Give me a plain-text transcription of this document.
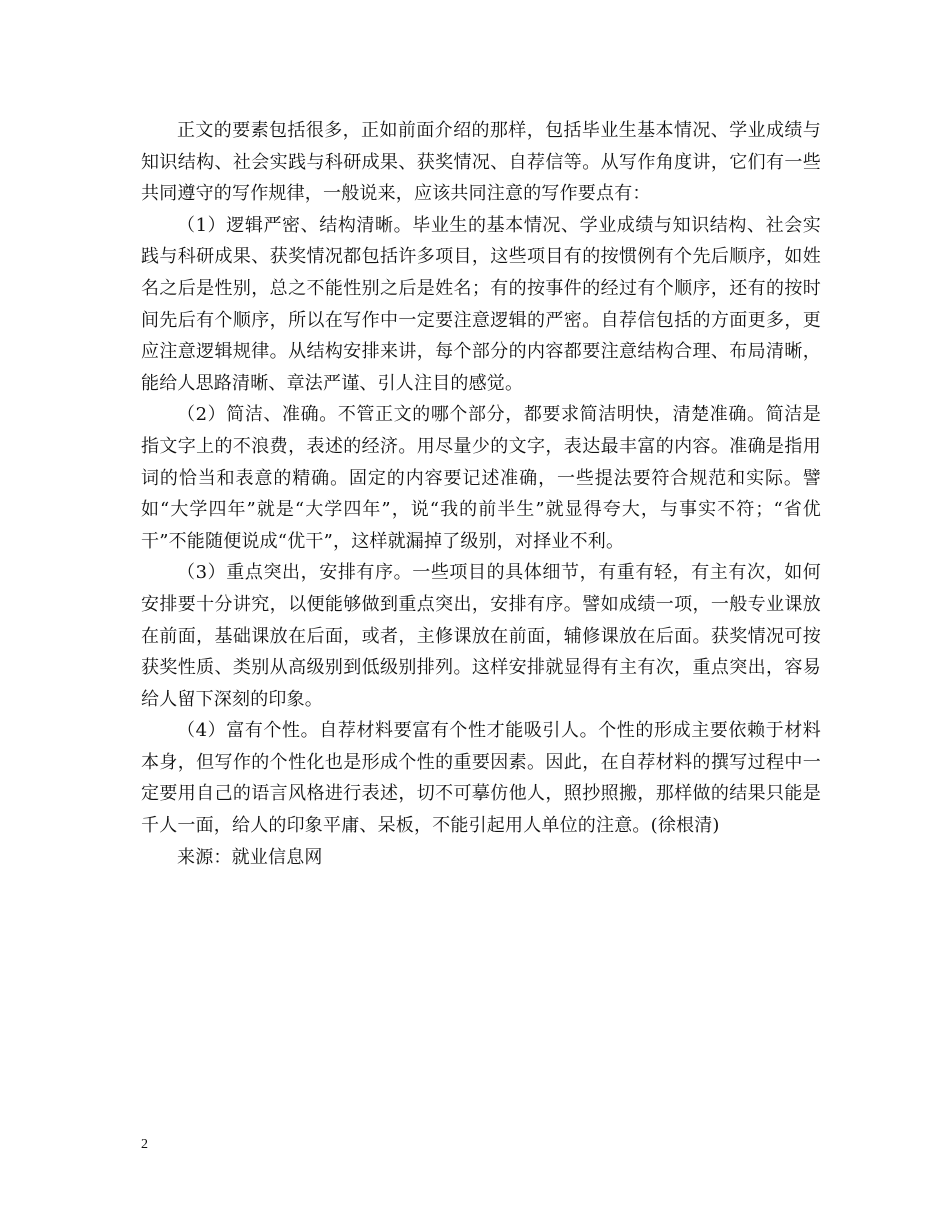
正文的要素包括很多，正如前面介绍的那样，包括毕业生基本情况、学业成绩与知识结构、社会实践与科研成果、获奖情况、自荐信等。从写作角度讲，它们有一些共同遵守的写作规律，一般说来，应该共同注意的写作要点有：

（1）逻辑严密、结构清晰。毕业生的基本情况、学业成绩与知识结构、社会实践与科研成果、获奖情况都包括许多项目，这些项目有的按惯例有个先后顺序，如姓名之后是性别，总之不能性别之后是姓名；有的按事件的经过有个顺序，还有的按时间先后有个顺序，所以在写作中一定要注意逻辑的严密。自荐信包括的方面更多，更应注意逻辑规律。从结构安排来讲，每个部分的内容都要注意结构合理、布局清晰，能给人思路清晰、章法严谨、引人注目的感觉。

（2）简洁、准确。不管正文的哪个部分，都要求简洁明快，清楚准确。简洁是指文字上的不浪费，表述的经济。用尽量少的文字，表达最丰富的内容。准确是指用词的恰当和表意的精确。固定的内容要记述准确，一些提法要符合规范和实际。譬如“大学四年”就是“大学四年”，说“我的前半生”就显得夸大，与事实不符；“省优干”不能随便说成“优干”，这样就漏掉了级别，对择业不利。

（3）重点突出，安排有序。一些项目的具体细节，有重有轻，有主有次，如何安排要十分讲究，以便能够做到重点突出，安排有序。譬如成绩一项，一般专业课放在前面，基础课放在后面，或者，主修课放在前面，辅修课放在后面。获奖情况可按获奖性质、类别从高级别到低级别排列。这样安排就显得有主有次，重点突出，容易给人留下深刻的印象。

（4）富有个性。自荐材料要富有个性才能吸引人。个性的形成主要依赖于材料本身，但写作的个性化也是形成个性的重要因素。因此，在自荐材料的撰写过程中一定要用自己的语言风格进行表述，切不可摹仿他人，照抄照搬，那样做的结果只能是千人一面，给人的印象平庸、呆板，不能引起用人单位的注意。(徐根清)

来源：就业信息网

2
